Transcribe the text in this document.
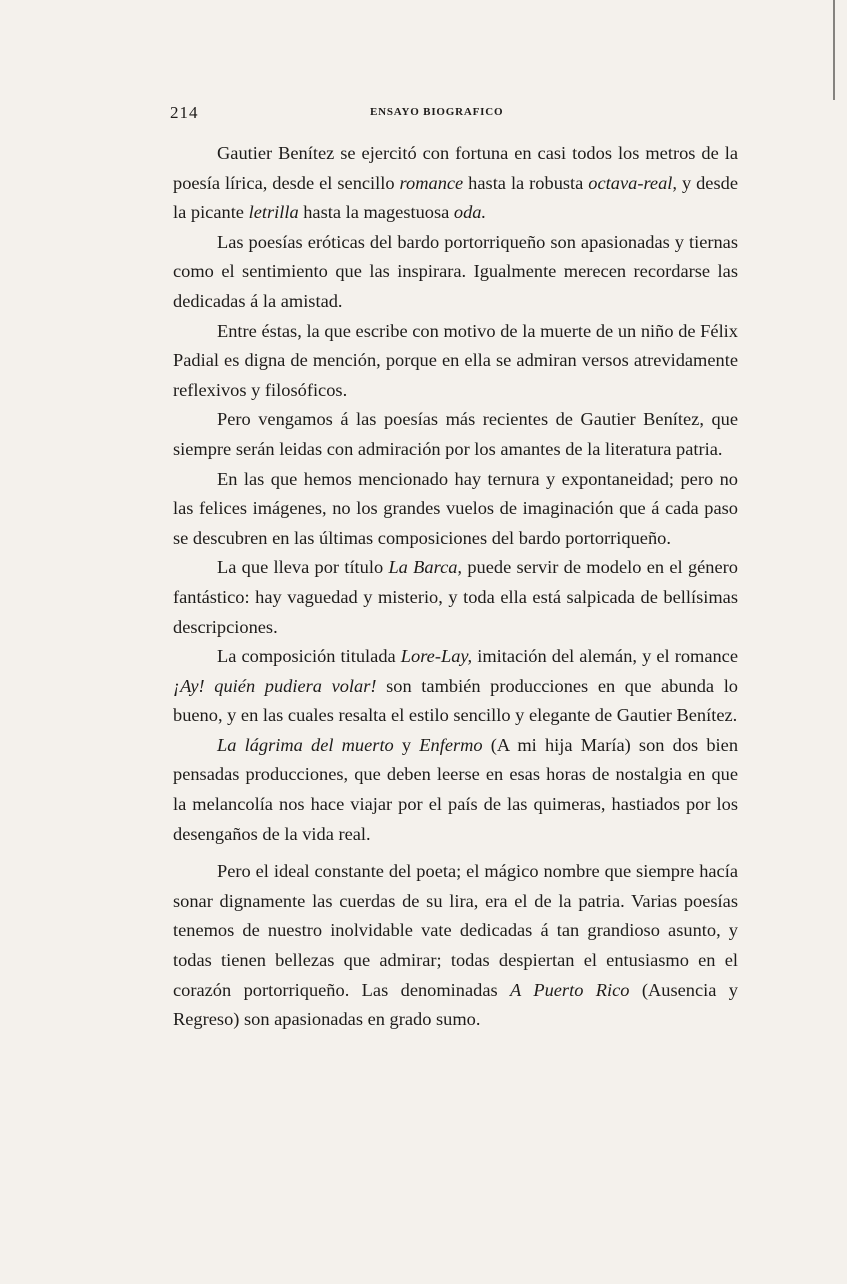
214	ENSAYO BIOGRAFICO

Gautier Benítez se ejercitó con fortuna en casi todos los metros de la poesía lírica, desde el sencillo romance hasta la robusta octava-real, y desde la picante letrilla hasta la magestuosa oda.

Las poesías eróticas del bardo portorriqueño son apasionadas y tiernas como el sentimiento que las inspirara. Igualmente merecen recordarse las dedicadas á la amistad.

Entre éstas, la que escribe con motivo de la muerte de un niño de Félix Padial es digna de mención, porque en ella se admiran versos atrevidamente reflexivos y filosóficos.

Pero vengamos á las poesías más recientes de Gautier Benítez, que siempre serán leidas con admiración por los amantes de la literatura patria.

En las que hemos mencionado hay ternura y expontaneidad; pero no las felices imágenes, no los grandes vuelos de imaginación que á cada paso se descubren en las últimas composiciones del bardo portorriqueño.

La que lleva por título La Barca, puede servir de modelo en el género fantástico: hay vaguedad y misterio, y toda ella está salpicada de bellísimas descripciones.

La composición titulada Lore-Lay, imitación del alemán, y el romance ¡Ay! quién pudiera volar! son también producciones en que abunda lo bueno, y en las cuales resalta el estilo sencillo y elegante de Gautier Benítez.

La lágrima del muerto y Enfermo (A mi hija María) son dos bien pensadas producciones, que deben leerse en esas horas de nostalgia en que la melancolía nos hace viajar por el país de las quimeras, hastiados por los desengaños de la vida real.

Pero el ideal constante del poeta; el mágico nombre que siempre hacía sonar dignamente las cuerdas de su lira, era el de la patria. Varias poesías tenemos de nuestro inolvidable vate dedicadas á tan grandioso asunto, y todas tienen bellezas que admirar; todas despiertan el entusiasmo en el corazón portorriqueño. Las denominadas A Puerto Rico (Ausencia y Regreso) son apasionadas en grado sumo.
